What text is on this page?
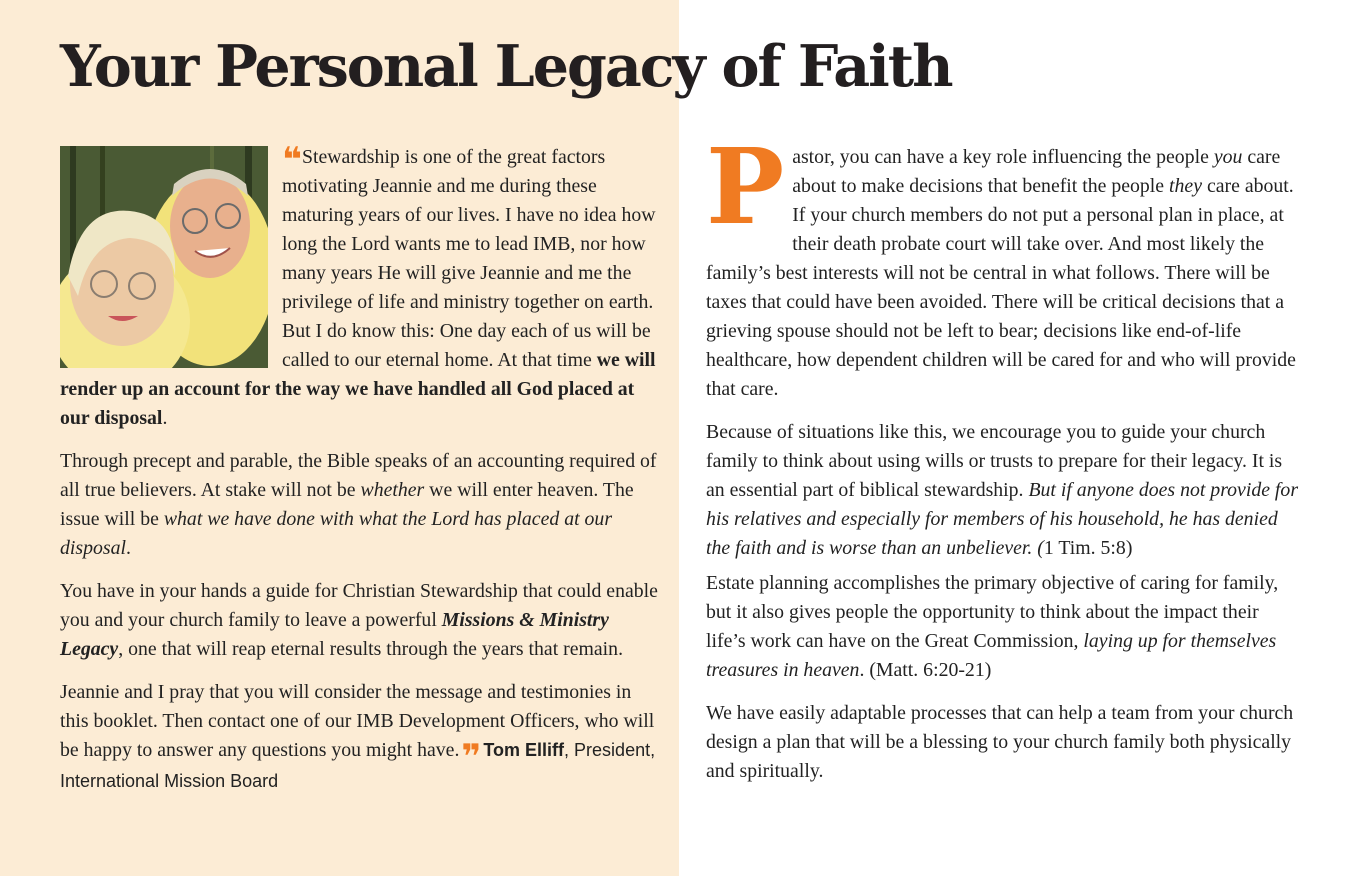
Your Personal Legacy of Faith

❝ Stewardship is one of the great factors motivating Jeannie and me during these maturing years of our lives. I have no idea how long the Lord wants me to lead IMB, nor how many years He will give Jeannie and me the privilege of life and ministry together on earth. But I do know this: One day each of us will be called to our eternal home. At that time we will render up an account for the way we have handled all God placed at our disposal.

Through precept and parable, the Bible speaks of an accounting required of all true believers. At stake will not be whether we will enter heaven. The issue will be what we have done with what the Lord has placed at our disposal.

You have in your hands a guide for Christian Stewardship that could enable you and your church family to leave a powerful Missions & Ministry Legacy, one that will reap eternal results through the years that remain.

Jeannie and I pray that you will consider the message and testimonies in this booklet. Then contact one of our IMB Development Officers, who will be happy to answer any questions you might have.❞ Tom Elliff, President, International Mission Board

Pastor, you can have a key role influencing the people you care about to make decisions that benefit the people they care about. If your church members do not put a personal plan in place, at their death probate court will take over. And most likely the family’s best interests will not be central in what follows. There will be taxes that could have been avoided. There will be critical decisions that a grieving spouse should not be left to bear; decisions like end-of-life healthcare, how dependent children will be cared for and who will provide that care.

Because of situations like this, we encourage you to guide your church family to think about using wills or trusts to prepare for their legacy. It is an essential part of biblical stewardship. But if anyone does not provide for his relatives and especially for members of his household, he has denied the faith and is worse than an unbeliever. (1 Tim. 5:8)

Estate planning accomplishes the primary objective of caring for family, but it also gives people the opportunity to think about the impact their life’s work can have on the Great Commission, laying up for themselves treasures in heaven. (Matt. 6:20-21)

We have easily adaptable processes that can help a team from your church design a plan that will be a blessing to your church family both physically and spiritually.
